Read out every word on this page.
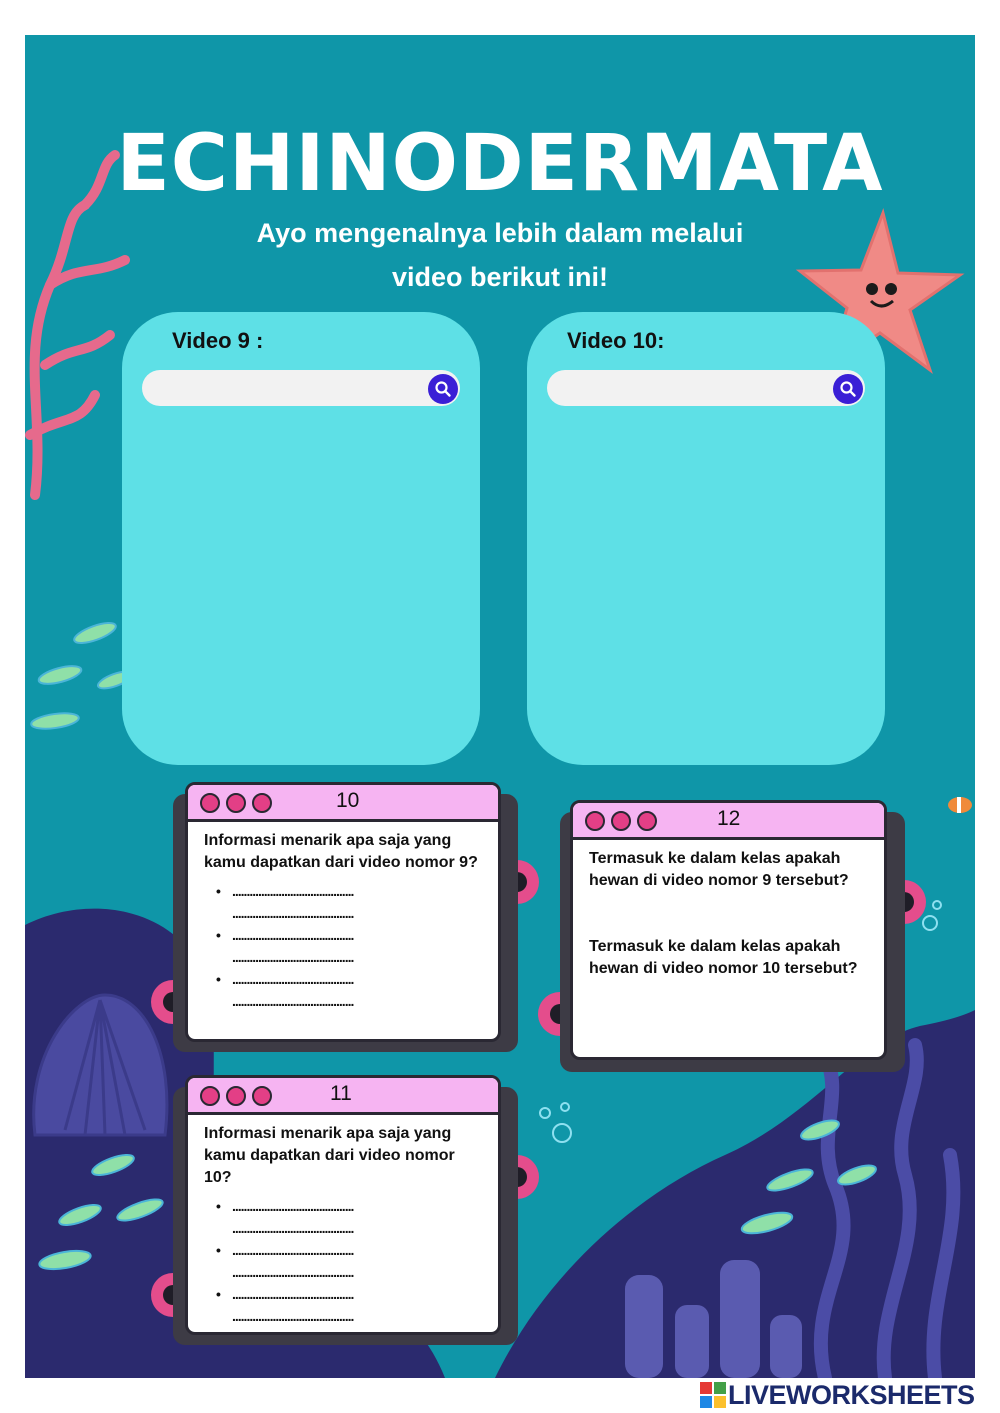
ECHINODERMATA
Ayo mengenalnya lebih dalam melalui
video berikut ini!
Video 9 :	Video 10:
10
Informasi menarik apa saja yang kamu dapatkan dari video nomor 9?
• ..........................................
..........................................
• ..........................................
..........................................
• ..........................................
..........................................
12
Termasuk ke dalam kelas apakah hewan di video nomor 9 tersebut?
Termasuk ke dalam kelas apakah hewan di video nomor 10 tersebut?
11
Informasi menarik apa saja yang kamu dapatkan dari video nomor 10?
• ..........................................
..........................................
• ..........................................
..........................................
• ..........................................
..........................................
LIVEWORKSHEETS
